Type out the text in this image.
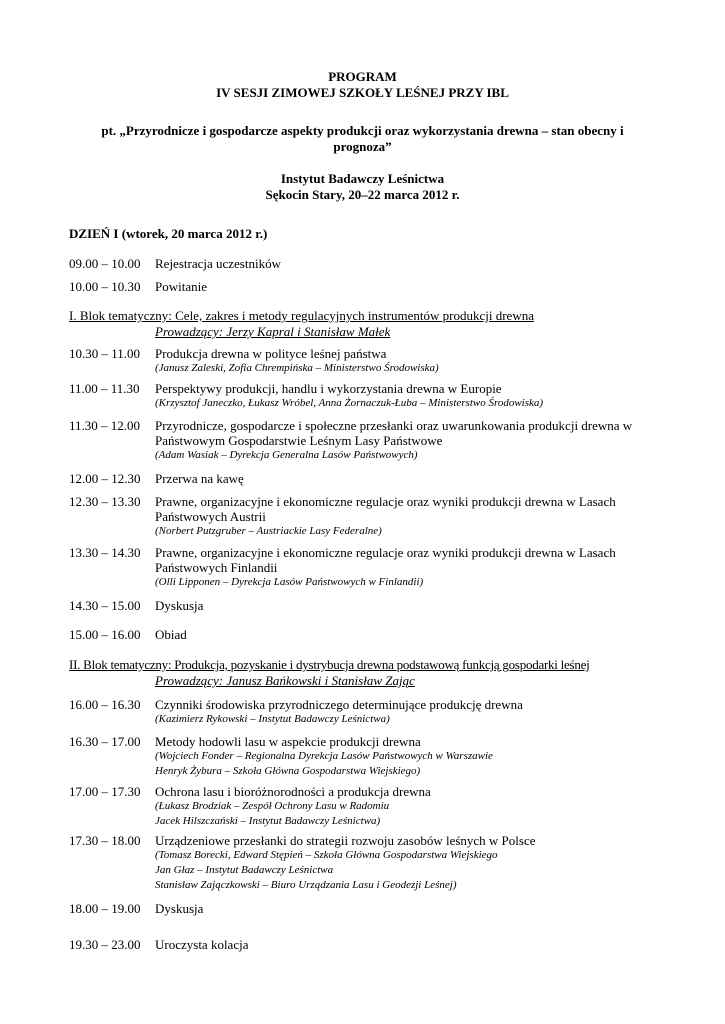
PROGRAM
IV SESJI ZIMOWEJ SZKOŁY LEŚNEJ PRZY IBL
pt. „Przyrodnicze i gospodarcze aspekty produkcji oraz wykorzystania drewna – stan obecny i prognoza”
Instytut Badawczy Leśnictwa
Sękocin Stary, 20–22 marca 2012 r.
DZIEŃ I (wtorek, 20 marca 2012 r.)
09.00 – 10.00	Rejestracja uczestników
10.00 – 10.30	Powitanie
I. Blok tematyczny: Cele, zakres i metody regulacyjnych instrumentów produkcji drewna
Prowadzący: Jerzy Kapral i Stanisław Małek
10.30 – 11.00	Produkcja drewna w polityce leśnej państwa
(Janusz Zaleski, Zofia Chrempińska – Ministerstwo Środowiska)
11.00 – 11.30	Perspektywy produkcji, handlu i wykorzystania drewna w Europie
(Krzysztof Janeczko, Łukasz Wróbel, Anna Żornaczuk-Łuba – Ministerstwo Środowiska)
11.30 – 12.00	Przyrodnicze, gospodarcze i społeczne przesłanki oraz uwarunkowania produkcji drewna w Państwowym Gospodarstwie Leśnym Lasy Państwowe
(Adam Wasiak – Dyrekcja Generalna Lasów Państwowych)
12.00 – 12.30	Przerwa na kawę
12.30 – 13.30	Prawne, organizacyjne i ekonomiczne regulacje oraz wyniki produkcji drewna w Lasach Państwowych Austrii
(Norbert Putzgruber – Austriackie Lasy Federalne)
13.30 – 14.30	Prawne, organizacyjne i ekonomiczne regulacje oraz wyniki produkcji drewna w Lasach Państwowych Finlandii
(Olli Lipponen – Dyrekcja Lasów Państwowych w Finlandii)
14.30 – 15.00	Dyskusja
15.00 – 16.00	Obiad
II. Blok tematyczny: Produkcja, pozyskanie i dystrybucja drewna podstawową funkcją gospodarki leśnej
Prowadzący: Janusz Bańkowski i Stanisław Zając
16.00 – 16.30	Czynniki środowiska przyrodniczego determinujące produkcję drewna
(Kazimierz Rykowski – Instytut Badawczy Leśnictwa)
16.30 – 17.00	Metody hodowli lasu w aspekcie produkcji drewna
(Wojciech Fonder – Regionalna Dyrekcja Lasów Państwowych w Warszawie
Henryk Żybura – Szkoła Główna Gospodarstwa Wiejskiego)
17.00 – 17.30	Ochrona lasu i bioróżnorodności a produkcja drewna
(Łukasz Brodziak – Zespół Ochrony Lasu w Radomiu
Jacek Hilszczański – Instytut Badawczy Leśnictwa)
17.30 – 18.00	Urządzeniowe przesłanki do strategii rozwoju zasobów leśnych w Polsce
(Tomasz Borecki, Edward Stępień – Szkoła Główna Gospodarstwa Wiejskiego
Jan Głaz – Instytut Badawczy Leśnictwa
Stanisław Zajączkowski – Biuro Urządzania Lasu i Geodezji Leśnej)
18.00 – 19.00	Dyskusja
19.30 – 23.00	Uroczysta kolacja
